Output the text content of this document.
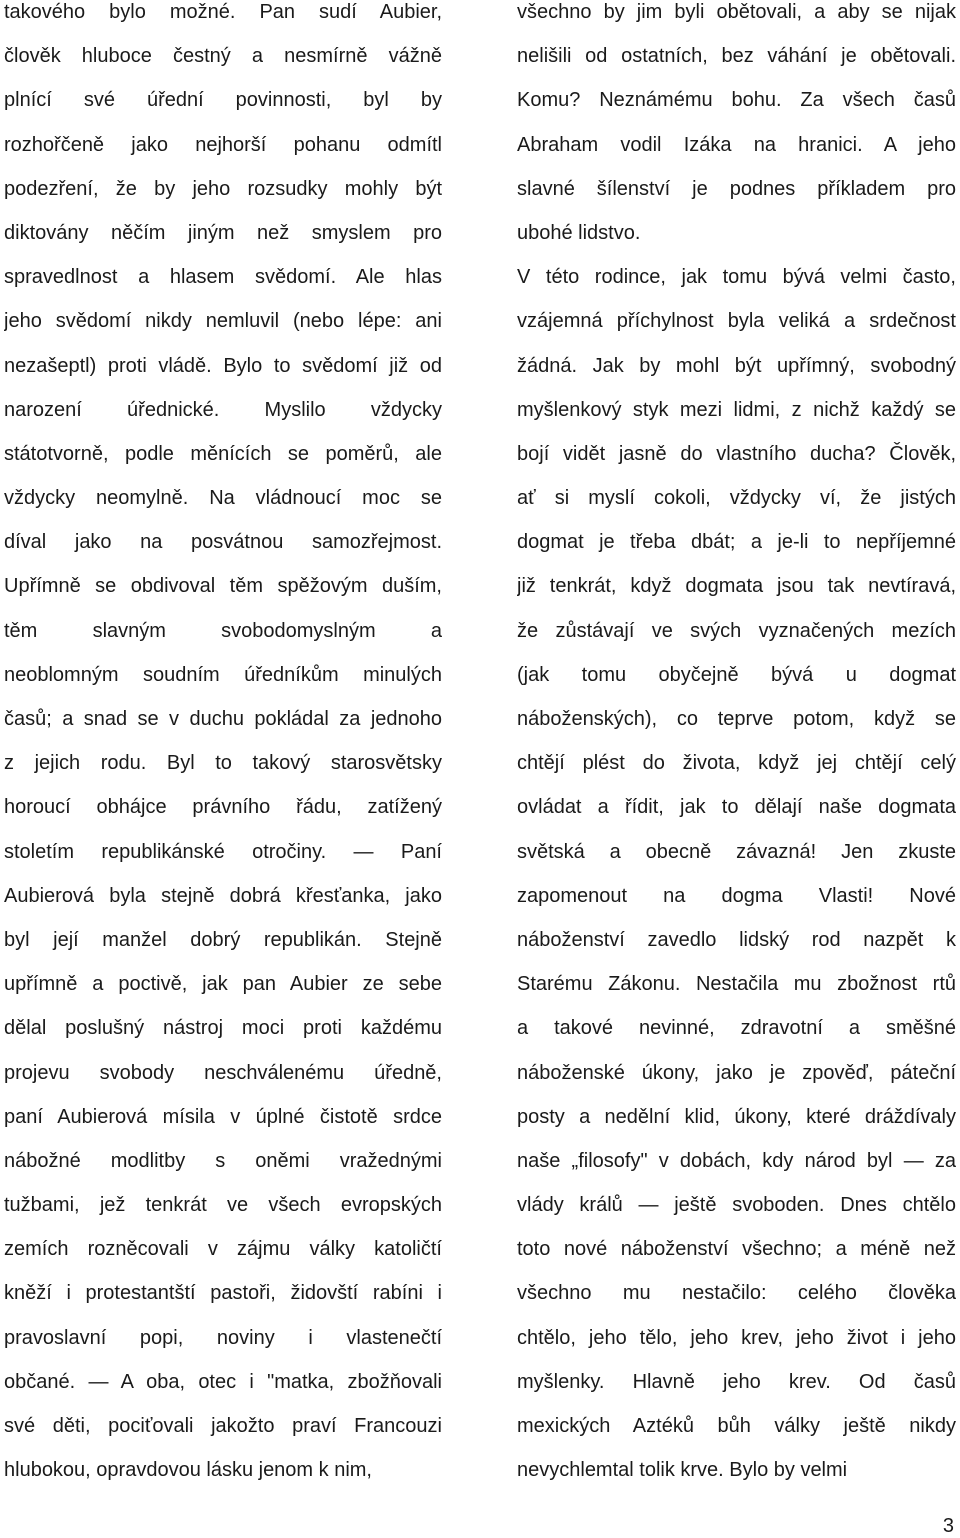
takového bylo možné. Pan sudí Aubier,
člověk hluboce čestný a nesmírně vážně
plnící své úřední povinnosti, byl by
rozhořčeně jako nejhorší pohanu odmítl
podezření, že by jeho rozsudky mohly být
diktovány něčím jiným než smyslem pro
spravedlnost a hlasem svědomí. Ale hlas
jeho svědomí nikdy nemluvil (nebo lépe: ani
nezašeptl) proti vládě. Bylo to svědomí již od
narození úřednické. Myslilo vždycky
státotvorně, podle měnících se poměrů, ale
vždycky neomylně. Na vládnoucí moc se
díval jako na posvátnou samozřejmost.
Upřímně se obdivoval těm spěžovým duším,
těm slavným svobodomyslným a
neoblomným soudním úředníkům minulých
časů; a snad se v duchu pokládal za jednoho
z jejich rodu. Byl to takový starosvětsky
horoucí obhájce právního řádu, zatížený
stoletím republikánské otročiny. — Paní
Aubierová byla stejně dobrá křesťanka, jako
byl její manžel dobrý republikán. Stejně
upřímně a poctivě, jak pan Aubier ze sebe
dělal poslušný nástroj moci proti každému
projevu svobody neschválenému úředně,
paní Aubierová mísila v úplné čistotě srdce
nábožné modlitby s oněmi vražednými
tužbami, jež tenkrát ve všech evropských
zemích rozněcovali v zájmu války katoličtí
kněží i protestantští pastoři, židovští rabíni i
pravoslavní popi, noviny i vlastenečtí
občané. — A oba, otec i "matka, zbožňovali
své děti, pociťovali jakožto praví Francouzi
hlubokou, opravdovou lásku jenom k nim,
všechno by jim byli obětovali, a aby se nijak
nelišili od ostatních, bez váhání je obětovali.
Komu? Neznámému bohu. Za všech časů
Abraham vodil Izáka na hranici. A jeho
slavné šílenství je podnes příkladem pro
ubohé lidstvo.
V této rodince, jak tomu bývá velmi často,
vzájemná příchylnost byla veliká a srdečnost
žádná. Jak by mohl být upřímný, svobodný
myšlenkový styk mezi lidmi, z nichž každý se
bojí vidět jasně do vlastního ducha? Člověk,
ať si myslí cokoli, vždycky ví, že jistých
dogmat je třeba dbát; a je-li to nepříjemné
již tenkrát, když dogmata jsou tak nevtíravá,
že zůstávají ve svých vyznačených mezích
(jak tomu obyčejně bývá u dogmat
náboženských), co teprve potom, když se
chtějí plést do života, když jej chtějí celý
ovládat a řídit, jak to dělají naše dogmata
světská a obecně závazná! Jen zkuste
zapomenout na dogma Vlasti! Nové
náboženství zavedlo lidský rod nazpět k
Starému Zákonu. Nestačila mu zbožnost rtů
a takové nevinné, zdravotní a směšné
náboženské úkony, jako je zpověď, páteční
posty a nedělní klid, úkony, které dráždívaly
naše „filosofy" v dobách, kdy národ byl — za
vlády králů — ještě svoboden. Dnes chtělo
toto nové náboženství všechno; a méně než
všechno mu nestačilo: celého člověka
chtělo, jeho tělo, jeho krev, jeho život i jeho
myšlenky. Hlavně jeho krev. Od časů
mexických Aztéků bůh války ještě nikdy
nevychlemtal tolik krve. Bylo by velmi
3
